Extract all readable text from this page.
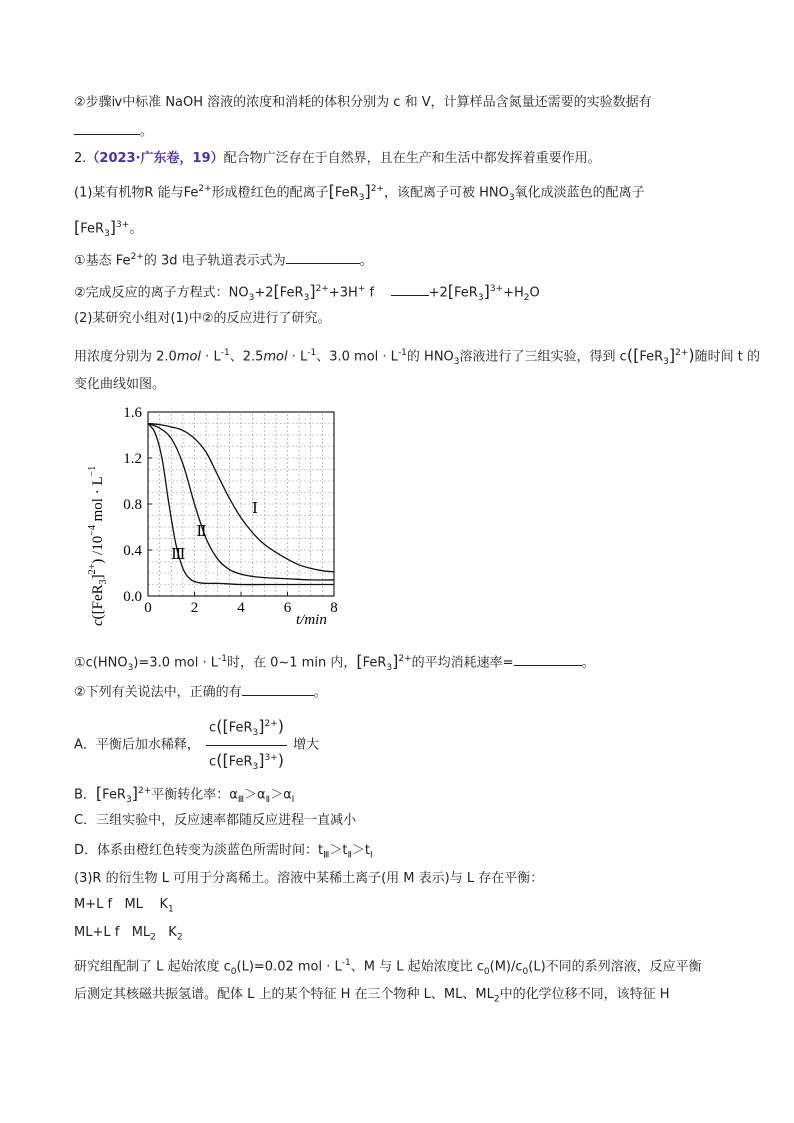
②步骤ⅳ中标准 NaOH 溶液的浓度和消耗的体积分别为 c 和 V，计算样品含氮量还需要的实验数据有
。
2.（2023·广东卷，19）配合物广泛存在于自然界，且在生产和生活中都发挥着重要作用。
(1)某有机物R 能与$Fe^{2+}$形成橙红色的配离子$[FeR_3]^{2+}$，该配离子可被 $HNO_3$氧化成淡蓝色的配离子
$[FeR_3]^{3+}$。
①基态 $Fe^{2+}$的 3d 电子轨道表示式为	。
②完成反应的离子方程式：$NO_3+2[FeR_3]^{2+}+3H^+$ f	$+2[FeR_3]^{3+}+H_2O$
(2)某研究小组对(1)中②的反应进行了研究。
用浓度分别为 $2.0mol \cdot L^{-1}$、$2.5mol \cdot L^{-1}$、3.0 mol · $L^{-1}$的 $HNO_3$溶液进行了三组实验，得到 $c([FeR_3]^{2+})$随时间 t 的
变化曲线如图。
0	2	4	6	8
0.0
0.4
0.8
1.2
1.6
Ⅰ
Ⅱ
Ⅲ
t/min
$c([FeR_3]^{2+})$ $/10^{-4}$ mol · $L^{-1}$
$①c(HNO_3)=3.0$ mol · $L^{-1}$时，在 0~1 min 内，$[FeR_3]^{2+}$的平均消耗速率=	。
②下列有关说法中，正确的有	。
A．平衡后加水稀释， $\frac{c([FeR_3]^{2+})}{c([FeR_3]^{3+})}$ 增大
B．$[FeR_3]^{2+}$平衡转化率：$\alpha_Ⅲ>\alpha_Ⅱ>\alpha_Ⅰ$
C．三组实验中，反应速率都随反应进程一直减小
D．体系由橙红色转变为淡蓝色所需时间：$t_Ⅲ>t_Ⅱ>t_Ⅰ$
(3)R 的衍生物 L 可用于分离稀土。溶液中某稀土离子(用 M 表示)与 L 存在平衡：
M+L f   ML    $K_1$
ML+L f   $ML_2$   $K_2$
研究组配制了 L 起始浓度 $c_0(L)=0.02$ mol · $L^{-1}$、M 与 L 起始浓度比 $c_0(M)/c_0(L)$不同的系列溶液，反应平衡
后测定其核磁共振氢谱。配体 L 上的某个特征 H 在三个物种 L、ML、$ML_2$中的化学位移不同，该特征 H
